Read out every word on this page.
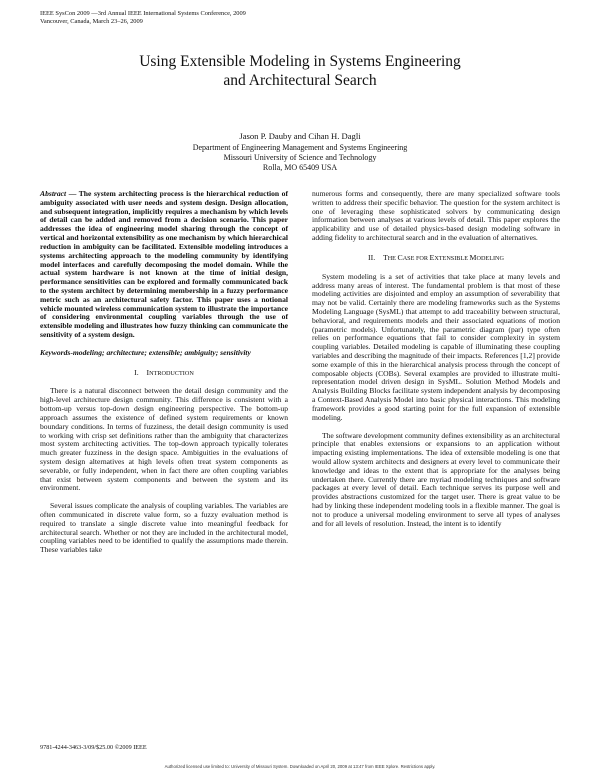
IEEE SysCon 2009 —3rd Annual IEEE International Systems Conference, 2009
Vancouver, Canada, March 23–26, 2009
Using Extensible Modeling in Systems Engineering
and Architectural Search
Jason P. Dauby and Cihan H. Dagli
Department of Engineering Management and Systems Engineering
Missouri University of Science and Technology
Rolla, MO 65409 USA

Abstract — The system architecting process is the hierarchical reduction of ambiguity associated with user needs and system design. Design allocation, and subsequent integration, implicitly requires a mechanism by which levels of detail can be added and removed from a decision scenario. This paper addresses the idea of engineering model sharing through the concept of vertical and horizontal extensibility as one mechanism by which hierarchical reduction in ambiguity can be facilitated. Extensible modeling introduces a systems architecting approach to the modeling community by identifying model interfaces and carefully decomposing the model domain. While the actual system hardware is not known at the time of initial design, performance sensitivities can be explored and formally communicated back to the system architect by determining membership in a fuzzy performance metric such as an architectural safety factor. This paper uses a notional vehicle mounted wireless communication system to illustrate the importance of considering environmental coupling variables through the use of extensible modeling and illustrates how fuzzy thinking can communicate the sensitivity of a system design.

Keywords-modeling; architecture; extensible; ambiguity; sensitivity

I. INTRODUCTION

There is a natural disconnect between the detail design community and the high-level architecture design community. This difference is consistent with a bottom-up versus top-down design engineering perspective. The bottom-up approach assumes the existence of defined system requirements or known boundary conditions. In terms of fuzziness, the detail design community is used to working with crisp set definitions rather than the ambiguity that characterizes most system architecting activities. The top-down approach typically tolerates much greater fuzziness in the design space. Ambiguities in the evaluations of system design alternatives at high levels often treat system components as severable, or fully independent, when in fact there are often coupling variables that exist between system components and between the system and its environment.

Several issues complicate the analysis of coupling variables. The variables are often communicated in discrete value form, so a fuzzy evaluation method is required to translate a single discrete value into meaningful feedback for architectural search. Whether or not they are included in the architectural model, coupling variables need to be identified to qualify the assumptions made therein. These variables take

numerous forms and consequently, there are many specialized software tools written to address their specific behavior. The question for the system architect is one of leveraging these sophisticated solvers by communicating design information between analyses at various levels of detail. This paper explores the applicability and use of detailed physics-based design modeling software in adding fidelity to architectural search and in the evaluation of alternatives.

II. THE CASE FOR EXTENSIBLE MODELING

System modeling is a set of activities that take place at many levels and address many areas of interest. The fundamental problem is that most of these modeling activities are disjointed and employ an assumption of severability that may not be valid. Certainly there are modeling frameworks such as the Systems Modeling Language (SysML) that attempt to add traceability between structural, behavioral, and requirements models and their associated equations of motion (parametric models). Unfortunately, the parametric diagram (par) type often relies on performance equations that fail to consider complexity in system coupling variables. Detailed modeling is capable of illuminating these coupling variables and describing the magnitude of their impacts. References [1,2] provide some example of this in the hierarchical analysis process through the concept of composable objects (COBs). Several examples are provided to illustrate multi-representation model driven design in SysML. Solution Method Models and Analysis Building Blocks facilitate system independent analysis by decomposing a Context-Based Analysis Model into basic physical interactions. This modeling framework provides a good starting point for the full expansion of extensible modeling.

The software development community defines extensibility as an architectural principle that enables extensions or expansions to an application without impacting existing implementations. The idea of extensible modeling is one that would allow system architects and designers at every level to communicate their knowledge and ideas to the extent that is appropriate for the analyses being undertaken there. Currently there are myriad modeling techniques and software packages at every level of detail. Each technique serves its purpose well and provides abstractions customized for the target user. There is great value to be had by linking these independent modeling tools in a flexible manner. The goal is not to produce a universal modeling environment to serve all types of analyses and for all levels of resolution. Instead, the intent is to identify

9781-4244-3463-3/09/$25.00 ©2009 IEEE
Authorized licensed use limited to: University of Missouri System. Downloaded on April 20, 2009 at 13:47 from IEEE Xplore. Restrictions apply.
